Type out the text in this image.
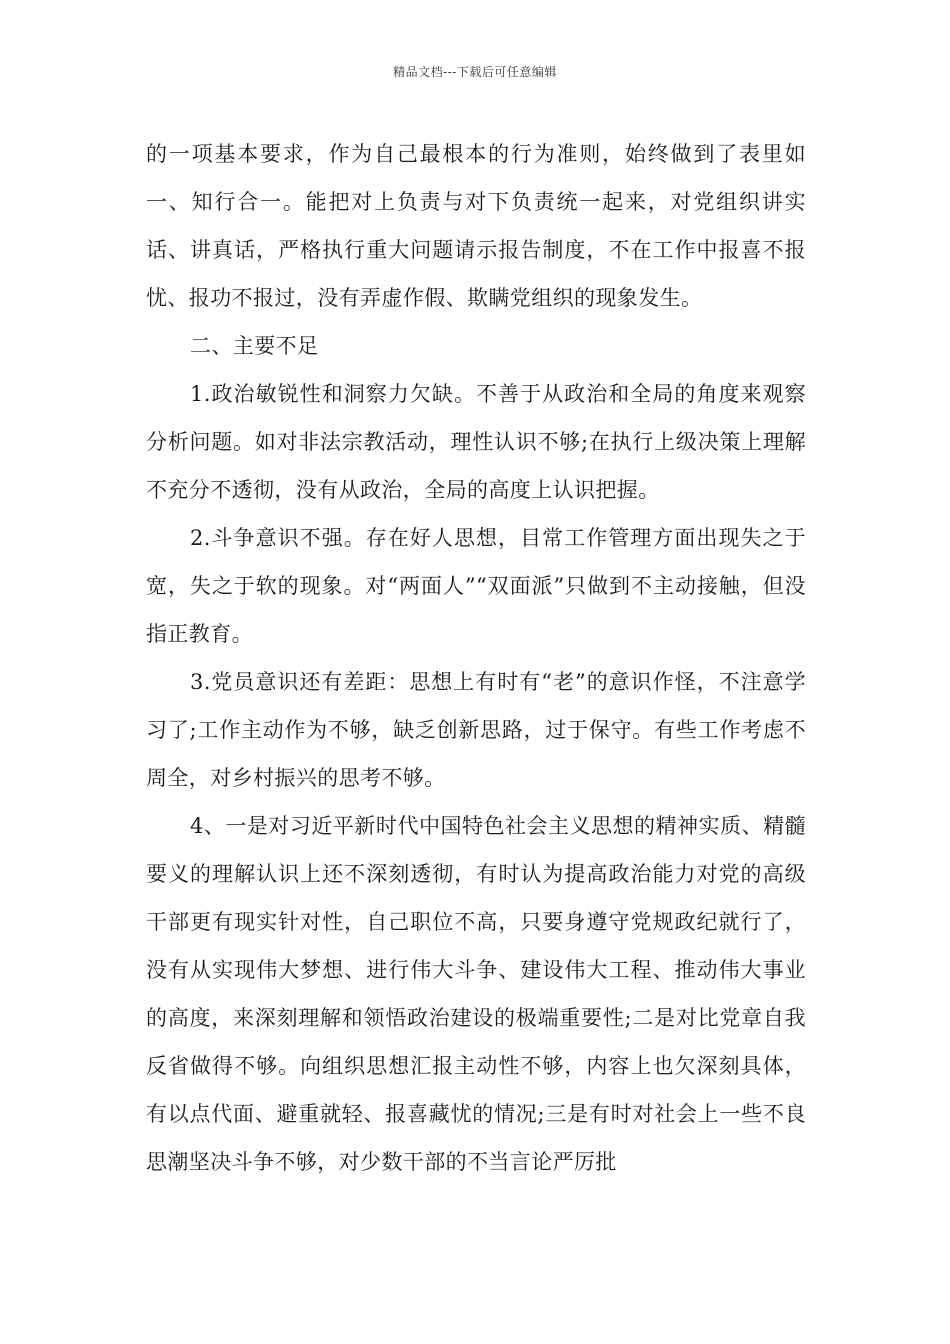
精品文档---下载后可任意编辑

的一项基本要求，作为自己最根本的行为准则，始终做到了表里如一、知行合一。能把对上负责与对下负责统一起来，对党组织讲实话、讲真话，严格执行重大问题请示报告制度，不在工作中报喜不报忧、报功不报过，没有弄虚作假、欺瞒党组织的现象发生。

二、主要不足

1.政治敏锐性和洞察力欠缺。不善于从政治和全局的角度来观察分析问题。如对非法宗教活动，理性认识不够;在执行上级决策上理解不充分不透彻，没有从政治，全局的高度上认识把握。

2.斗争意识不强。存在好人思想，目常工作管理方面出现失之于宽，失之于软的现象。对“两面人”“双面派”只做到不主动接触，但没指正教育。

3.党员意识还有差距：思想上有时有“老”的意识作怪，不注意学习了;工作主动作为不够，缺乏创新思路，过于保守。有些工作考虑不周全，对乡村振兴的思考不够。

4、一是对习近平新时代中国特色社会主义思想的精神实质、精髓要义的理解认识上还不深刻透彻，有时认为提高政治能力对党的高级干部更有现实针对性，自己职位不高，只要身遵守党规政纪就行了，没有从实现伟大梦想、进行伟大斗争、建设伟大工程、推动伟大事业的高度，来深刻理解和领悟政治建设的极端重要性;二是对比党章自我反省做得不够。向组织思想汇报主动性不够，内容上也欠深刻具体，有以点代面、避重就轻、报喜藏忧的情况;三是有时对社会上一些不良思潮坚决斗争不够，对少数干部的不当言论严厉批
